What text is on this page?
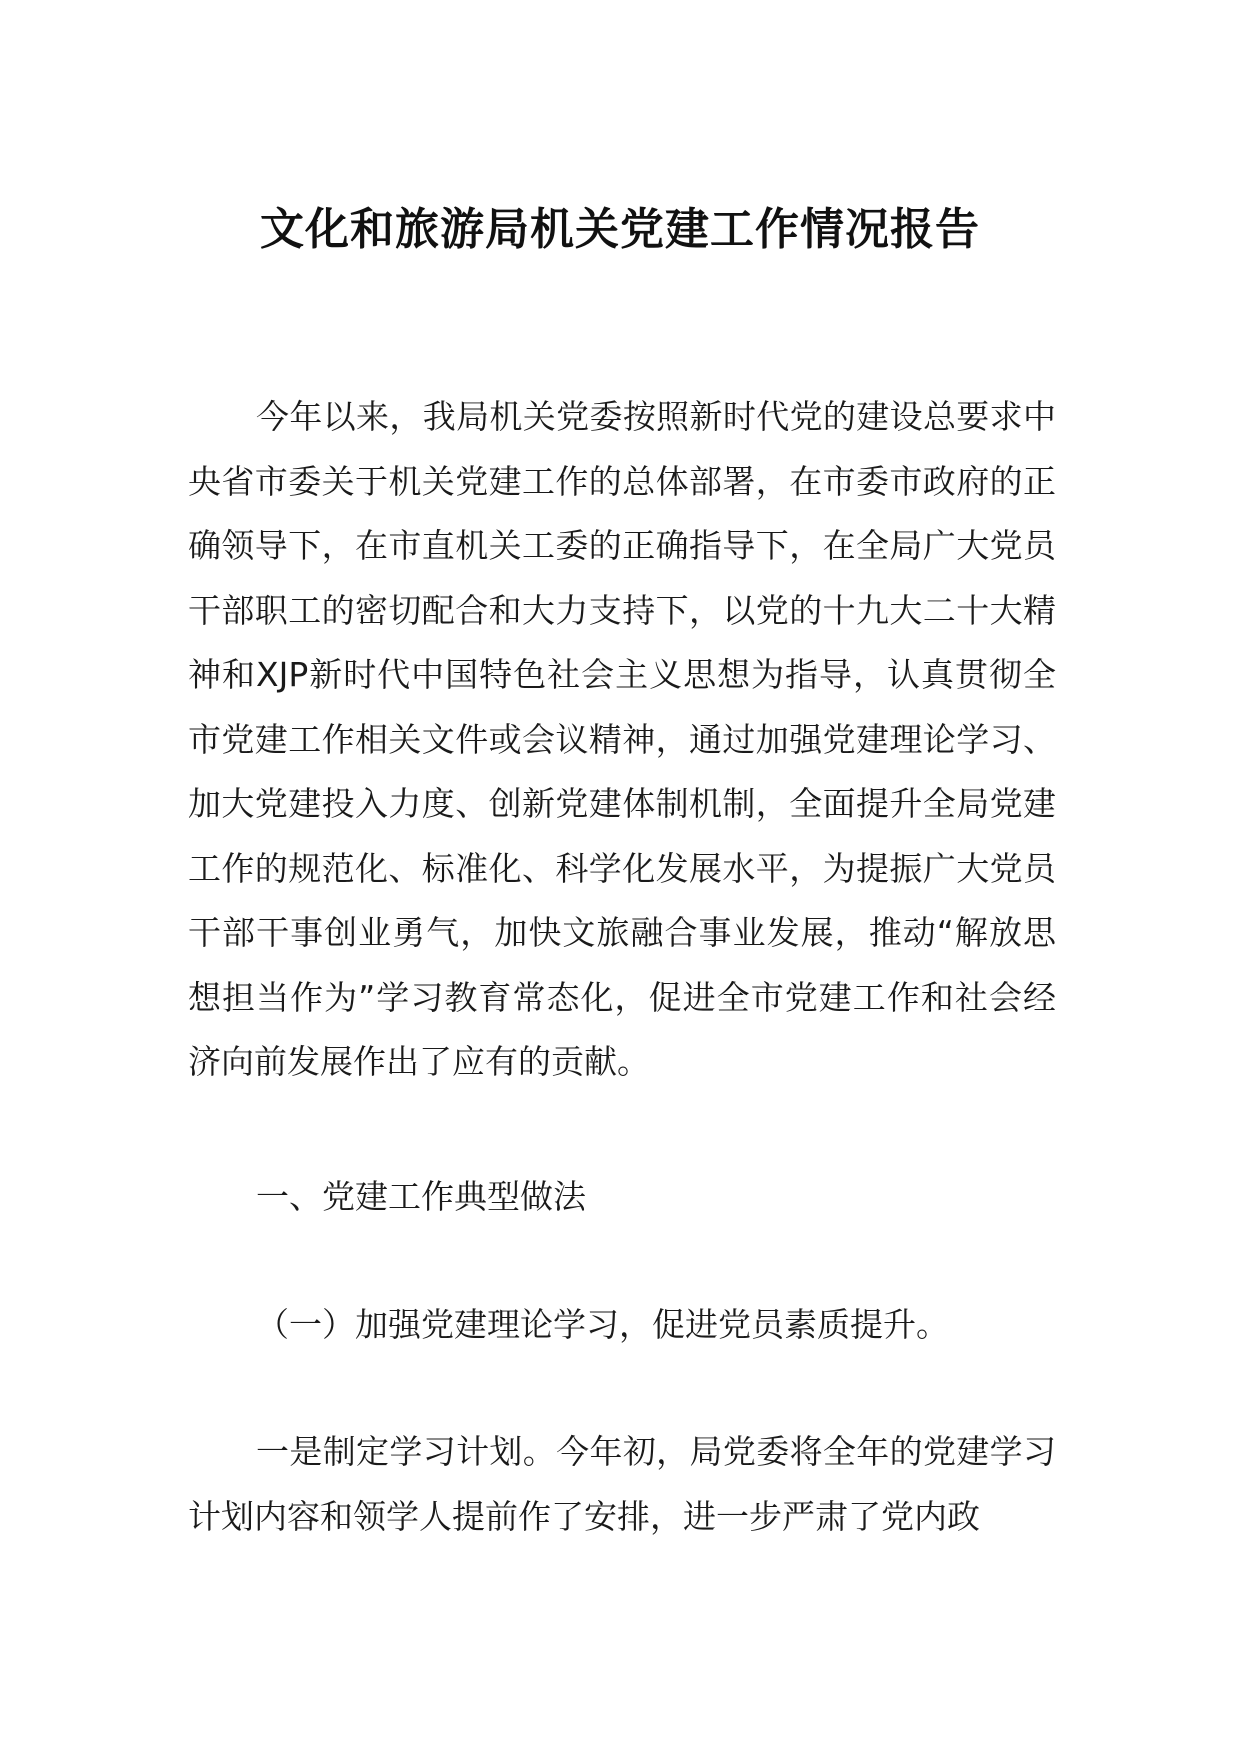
文化和旅游局机关党建工作情况报告

今年以来，我局机关党委按照新时代党的建设总要求中央省市委关于机关党建工作的总体部署，在市委市政府的正确领导下，在市直机关工委的正确指导下，在全局广大党员干部职工的密切配合和大力支持下，以党的十九大二十大精神和XJP新时代中国特色社会主义思想为指导，认真贯彻全市党建工作相关文件或会议精神，通过加强党建理论学习、加大党建投入力度、创新党建体制机制，全面提升全局党建工作的规范化、标准化、科学化发展水平，为提振广大党员干部干事创业勇气，加快文旅融合事业发展，推动“解放思想担当作为”学习教育常态化，促进全市党建工作和社会经济向前发展作出了应有的贡献。

一、党建工作典型做法

（一）加强党建理论学习，促进党员素质提升。

一是制定学习计划。今年初，局党委将全年的党建学习计划内容和领学人提前作了安排，进一步严肃了党内政
